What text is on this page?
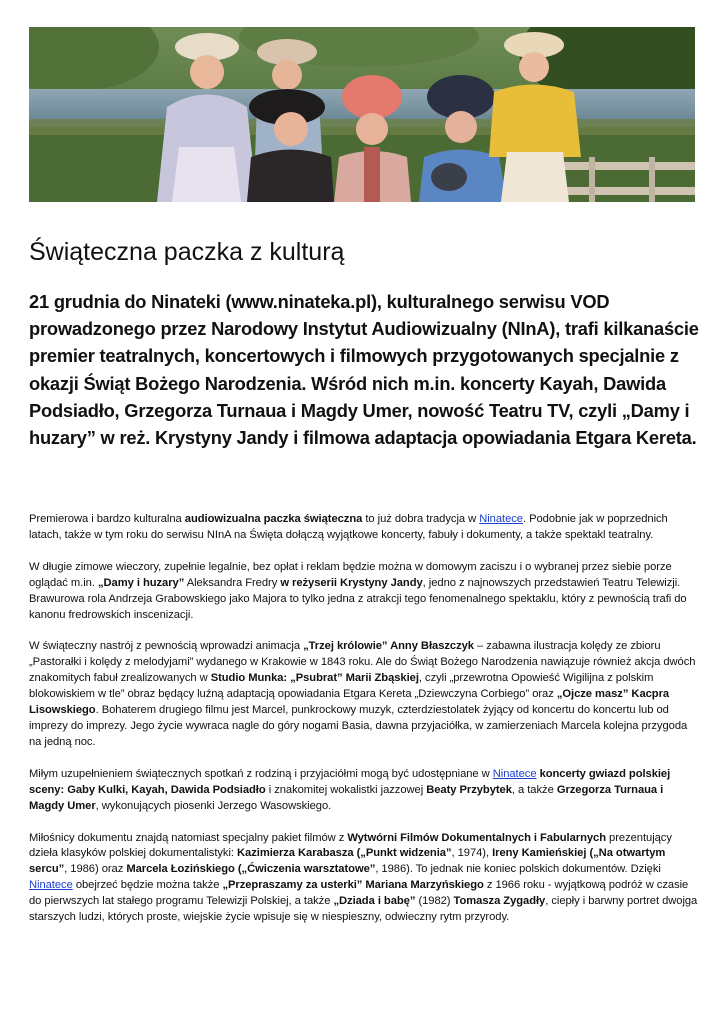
Świąteczna paczka z kulturą

21 grudnia do Ninateki (www.ninateka.pl), kulturalnego serwisu VOD prowadzonego przez Narodowy Instytut Audiowizualny (NInA), trafi kilkanaście premier teatralnych, koncertowych i filmowych przygotowanych specjalnie z okazji Świąt Bożego Narodzenia. Wśród nich m.in. koncerty Kayah, Dawida Podsiadło, Grzegorza Turnaua i Magdy Umer, nowość Teatru TV, czyli „Damy i huzary” w reż. Krystyny Jandy i filmowa adaptacja opowiadania Etgara Kereta.

Premierowa i bardzo kulturalna audiowizualna paczka świąteczna to już dobra tradycja w Ninatece. Podobnie jak w poprzednich latach, także w tym roku do serwisu NInA na Święta dołączą wyjątkowe koncerty, fabuły i dokumenty, a także spektakl teatralny.

W długie zimowe wieczory, zupełnie legalnie, bez opłat i reklam będzie można w domowym zaciszu i o wybranej przez siebie porze oglądać m.in. „Damy i huzary” Aleksandra Fredry w reżyserii Krystyny Jandy, jedno z najnowszych przedstawień Teatru Telewizji. Brawurowa rola Andrzeja Grabowskiego jako Majora to tylko jedna z atrakcji tego fenomenalnego spektaklu, który z pewnością trafi do kanonu fredrowskich inscenizacji.

W świąteczny nastrój z pewnością wprowadzi animacja „Trzej królowie” Anny Błaszczyk – zabawna ilustracja kolędy ze zbioru „Pastorałki i kolędy z melodyjami” wydanego w Krakowie w 1843 roku. Ale do Świąt Bożego Narodzenia nawiązuje również akcja dwóch znakomitych fabuł zrealizowanych w Studio Munka: „Psubrat” Marii Zbąskiej, czyli „przewrotna Opowieść Wigilijna z polskim blokowiskiem w tle” obraz będący luźną adaptacją opowiadania Etgara Kereta „Dziewczyna Corbiego” oraz „Ojcze masz” Kacpra Lisowskiego. Bohaterem drugiego filmu jest Marcel, punkrockowy muzyk, czterdziestolatek żyjący od koncertu do koncertu lub od imprezy do imprezy. Jego życie wywraca nagle do góry nogami Basia, dawna przyjaciółka, w zamierzeniach Marcela kolejna przygoda na jedną noc.

Miłym uzupełnieniem świątecznych spotkań z rodziną i przyjaciółmi mogą być udostępniane w Ninatece koncerty gwiazd polskiej sceny: Gaby Kulki, Kayah, Dawida Podsiadło i znakomitej wokalistki jazzowej Beaty Przybytek, a także Grzegorza Turnaua i Magdy Umer, wykonujących piosenki Jerzego Wasowskiego.

Miłośnicy dokumentu znajdą natomiast specjalny pakiet filmów z Wytwórni Filmów Dokumentalnych i Fabularnych prezentujący dzieła klasyków polskiej dokumentalistyki: Kazimierza Karabasza („Punkt widzenia”, 1974), Ireny Kamieńskiej („Na otwartym sercu”, 1986) oraz Marcela Łozińskiego („Ćwiczenia warsztatowe”, 1986). To jednak nie koniec polskich dokumentów. Dzięki Ninatece obejrzeć będzie można także „Przepraszamy za usterki” Mariana Marzyńskiego z 1966 roku - wyjątkową podróż w czasie do pierwszych lat stałego programu Telewizji Polskiej, a także „Dziada i babę” (1982) Tomasza Zygadły, ciepły i barwny portret dwojga starszych ludzi, których proste, wiejskie życie wpisuje się w niespieszny, odwieczny rytm przyrody.
